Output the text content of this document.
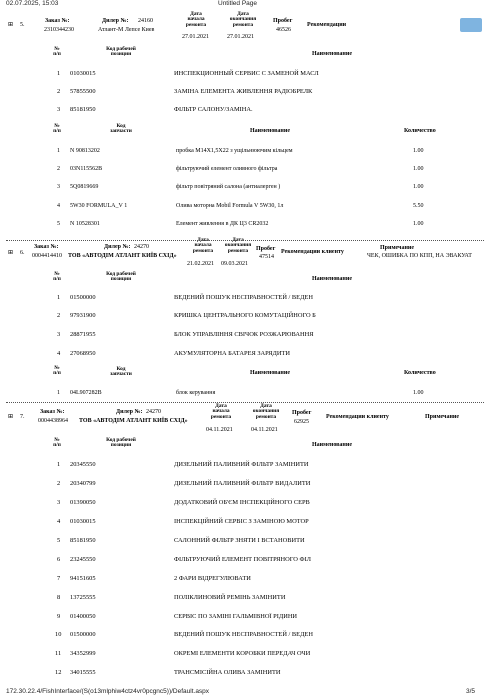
02.07.2025, 15:03	Untitled Page
172.30.22.4/FishInterface/(S(o13mlphiw4ctz4vr0pcgnc5))/Default.aspx	3/5
⊞ 5.
Заказ №:
2310344230
Дилер №: 24160
Атлант-М Лепсе Киев
Дата
начала
ремонта
27.01.2021
Дата
окончания
ремонта
27.01.2021
Пробег
46526
Рекомендации
№
п/п
Код рабочей
позиции	Наименование
1 01030015	ИНСПЕКЦИОННЫЙ СЕРВИС С ЗАМЕНОЙ МАСЛ
2 57855500	ЗАМІНА ЕЛЕМЕНТА ЖИВЛЕННЯ РАДІОБРЕЛК
3 85181950	ФІЛЬТР САЛОНУ/ЗАМІНА.
№
п/п
Код
запчасти	Наименование	Количество
1 N 90813202	пробка M14X1,5X22 з ущільнюючим кільцем	1.00
2 03N115562B	фільтруючий елемент оливного фільтра	1.00
3 5Q0819669	фільтр повітряний салона (антиалерген )	1.00
4 5W30 FORMULA_V 1	Олива моторна Mobil Formula V 5W30, 1л	5.50
5 N 10528301	Елемент живлення в ДК Ц3 CR2032	1.00
⊞ 6.
Заказ №:
0004414410
Дилер №: 24270
ТОВ «АВТОДІМ АТЛАНТ КИЇВ СХІД»
Дата
начала
ремонта
21.02.2021
Дата
окончания
ремонта
09.03.2021
Пробег
47514
Рекомендации клиенту
Примечание
ЧЕК, ОШИБКА ПО КПП, НА ЭВАКУАТ
№
п/п
Код рабочей
позиции	Наименование
1 01500000	ВЕДЕНИЙ ПОШУК НЕСПРАВНОСТЕЙ / ВЕДЕН
2 97931900	КРИШКА ЦЕНТРАЛЬНОГО КОМУТАЦІЙНОГО Б
3 28871955	БЛОК УПРАВЛІННЯ СВІЧОК РОЗЖАРЮВАННЯ
4 27068950	АКУМУЛЯТОРНА БАТАРЕЯ ЗАРЯДИТИ
№
п/п
Код
запчасти	Наименование	Количество
1 04L907282B	блок керування	1.00
⊞ 7.
Заказ №:
0004438964
Дилер №: 24270
ТОВ «АВТОДІМ АТЛАНТ КИЇВ СХІД»
Дата
начала
ремонта
04.11.2021
Дата
окончания
ремонта
04.11.2021
Пробег
62925
Рекомендации клиенту	Примечание
№
п/п
Код рабочей
позиции	Наименование
1 20345550	ДИЗЕЛЬНИЙ ПАЛИВНИЙ ФІЛЬТР ЗАМІНИТИ
2 20340799	ДИЗЕЛЬНИЙ ПАЛИВНИЙ ФІЛЬТР ВИДАЛИТИ
3 01390050	ДОДАТКОВИЙ ОБ'ЄМ ІНСПЕКЦІЙНОГО СЕРВ
4 01030015	ІНСПЕКЦІЙНИЙ СЕРВІС З ЗАМІНОЮ МОТОР
5 85181950	САЛОННИЙ ФІЛЬТР ЗНЯТИ І ВСТАНОВИТИ
6 23245550	ФІЛЬТРУЮЧИЙ ЕЛЕМЕНТ ПОВІТРЯНОГО ФІЛ
7 94151605	2 ФАРИ ВІДРЕГУЛЮВАТИ
8 13725555	ПОЛІКЛИНОВИЙ РЕМІНЬ ЗАМІНИТИ
9 01400050	СЕРВІС ПО ЗАМІНІ ГАЛЬМІВНОЇ РІДИНИ
10 01500000	ВЕДЕНИЙ ПОШУК НЕСПРАВНОСТЕЙ / ВЕДЕН
11 34352999	ОКРЕМІ ЕЛЕМЕНТИ КОРОБКИ ПЕРЕДАЧ ОЧИ
12 34015555	ТРАНСМІСІЙНА ОЛИВА ЗАМІНИТИ
